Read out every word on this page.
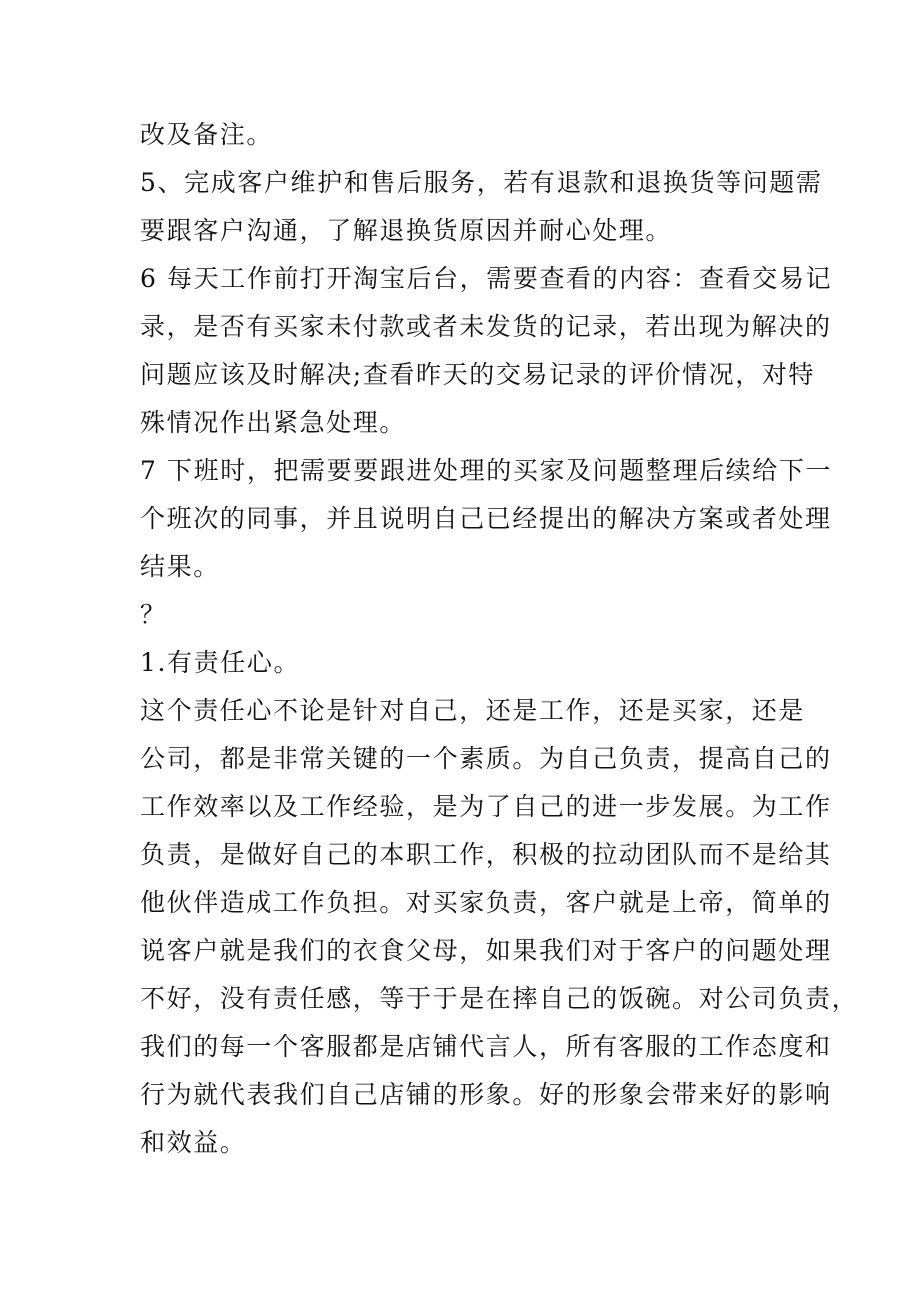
改及备注。
5、完成客户维护和售后服务，若有退款和退换货等问题需
要跟客户沟通，了解退换货原因并耐心处理。
6 每天工作前打开淘宝后台，需要查看的内容：查看交易记
录，是否有买家未付款或者未发货的记录，若出现为解决的
问题应该及时解决;查看昨天的交易记录的评价情况，对特
殊情况作出紧急处理。
7 下班时，把需要要跟进处理的买家及问题整理后续给下一
个班次的同事，并且说明自己已经提出的解决方案或者处理
结果。
？
1.有责任心。
这个责任心不论是针对自己，还是工作，还是买家，还是
公司，都是非常关键的一个素质。为自己负责，提高自己的
工作效率以及工作经验，是为了自己的进一步发展。为工作
负责，是做好自己的本职工作，积极的拉动团队而不是给其
他伙伴造成工作负担。对买家负责，客户就是上帝，简单的
说客户就是我们的衣食父母，如果我们对于客户的问题处理
不好，没有责任感，等于于是在摔自己的饭碗。对公司负责，
我们的每一个客服都是店铺代言人，所有客服的工作态度和
行为就代表我们自己店铺的形象。好的形象会带来好的影响
和效益。
